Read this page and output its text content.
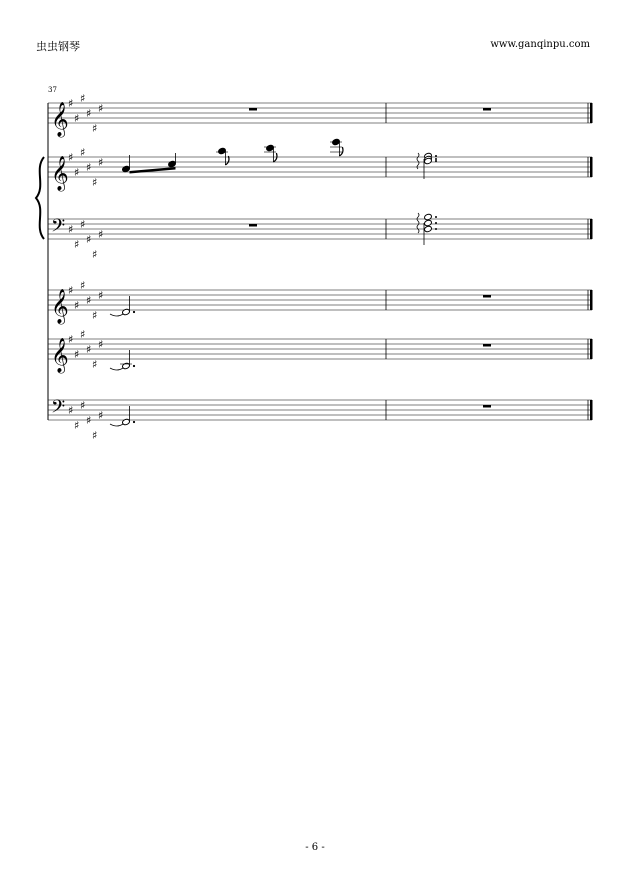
虫虫钢琴	www.ganqinpu.com
37
𝄞 ♯
♯
♯
♯
♯
♯
𝄞 ♯
♯
♯
♯
♯
♯
𝄢 ♯
♯
♯
♯
♯
♯
𝄞 ♯
♯
♯
♯
♯
♯
𝄞 ♯
♯
♯
♯
♯
♯
𝄢 ♯
♯
♯
♯
♯
♯
- 6 -
